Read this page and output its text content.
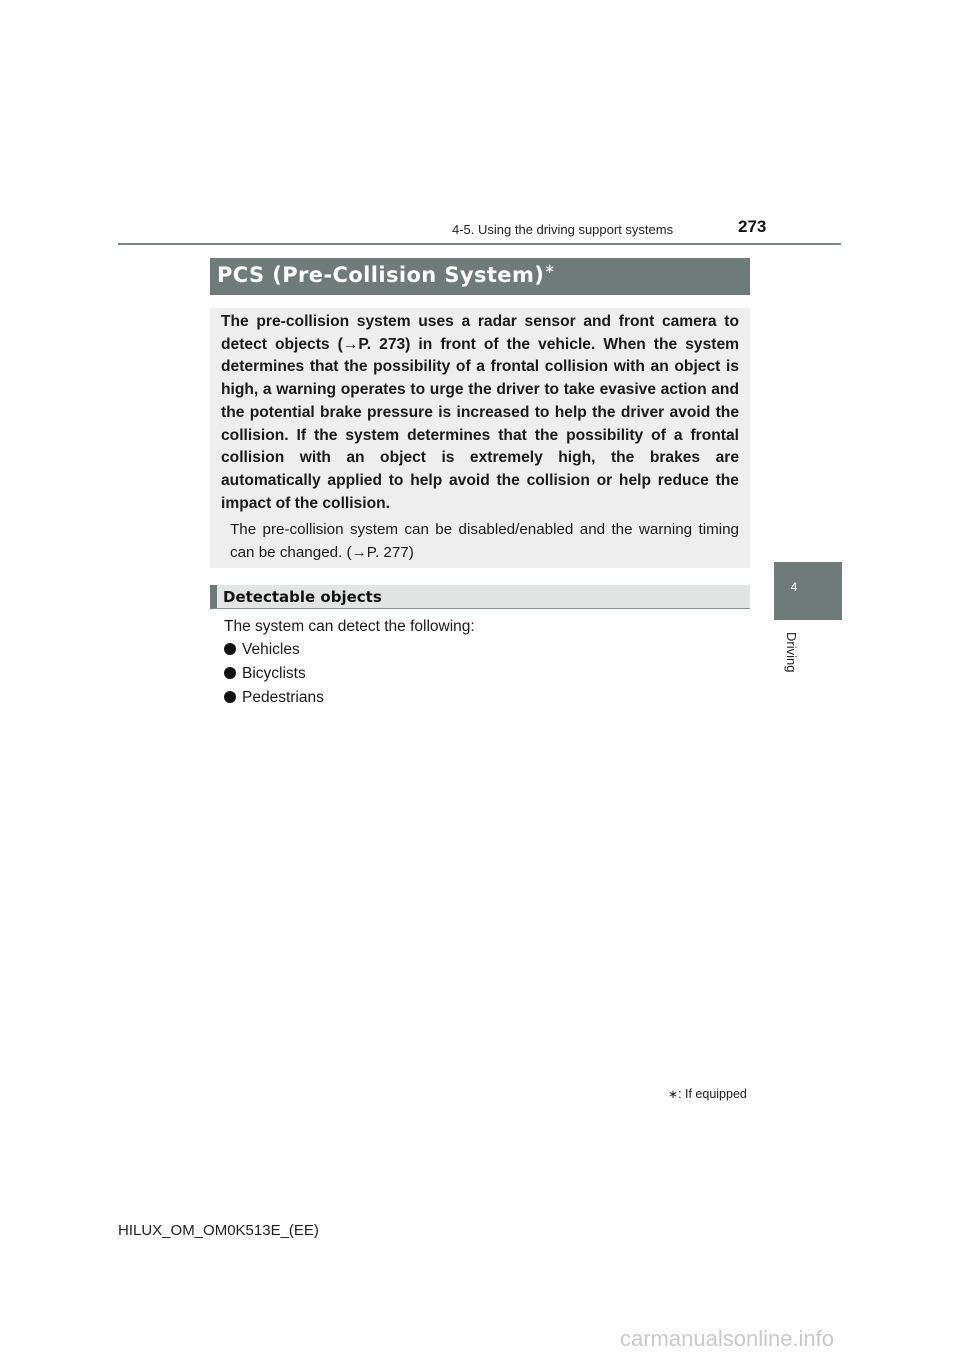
4-5. Using the driving support systems	273
4
Driving
PCS (Pre-Collision System)∗

The pre-collision system uses a radar sensor and front camera to detect objects (→P. 273) in front of the vehicle. When the system determines that the possibility of a frontal collision with an object is high, a warning operates to urge the driver to take evasive action and the potential brake pressure is increased to help the driver avoid the collision. If the system determines that the possibility of a frontal collision with an object is extremely high, the brakes are automatically applied to help avoid the collision or help reduce the impact of the collision.

The pre-collision system can be disabled/enabled and the warning timing can be changed. (→P. 277)

Detectable objects
The system can detect the following:
Vehicles
Bicyclists
Pedestrians
∗: If equipped
HILUX_OM_OM0K513E_(EE)
carmanualsonline.info
